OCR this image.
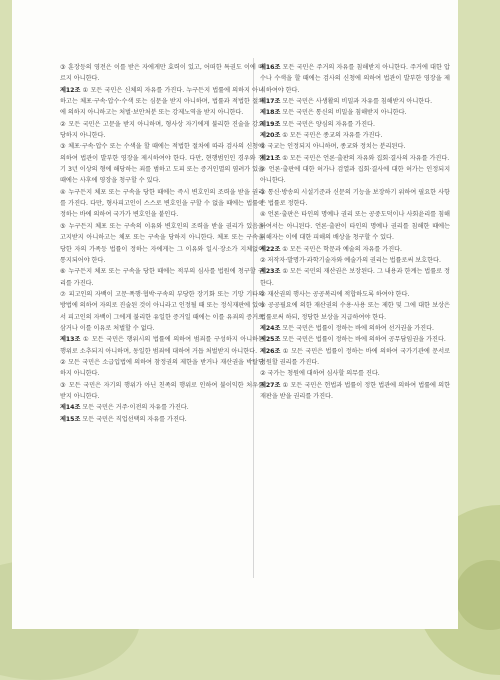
③ 훈장등의 영전은 이를 받은 자에게만 효력이 있고, 어떠한 특권도 이에 따르지 아니한다.

제12조 ① 모든 국민은 신체의 자유를 가진다. 누구든지 법률에 의하지 아니하고는 체포·구속·압수·수색 또는 심문을 받지 아니하며, 법률과 적법한 절차에 의하지 아니하고는 처벌·보안처분 또는 강제노역을 받지 아니한다.

② 모든 국민은 고문을 받지 아니하며, 형사상 자기에게 불리한 진술을 강요당하지 아니한다.

③ 체포·구속·압수 또는 수색을 할 때에는 적법한 절차에 따라 검사의 신청에 의하여 법관이 발부한 영장을 제시하여야 한다. 다만, 현행범인인 경우와 장기 3년 이상의 형에 해당하는 죄를 범하고 도피 또는 증거인멸의 염려가 있을 때에는 사후에 영장을 청구할 수 있다.

④ 누구든지 체포 또는 구속을 당한 때에는 즉시 변호인의 조력을 받을 권리를 가진다. 다만, 형사피고인이 스스로 변호인을 구할 수 없을 때에는 법률이 정하는 바에 의하여 국가가 변호인을 붙인다.

⑤ 누구든지 체포 또는 구속의 이유와 변호인의 조력을 받을 권리가 있음을 고지받지 아니하고는 체포 또는 구속을 당하지 아니한다. 체포 또는 구속을 당한 자의 가족등 법률이 정하는 자에게는 그 이유와 일시·장소가 지체없이 통지되어야 한다.

⑥ 누구든지 체포 또는 구속을 당한 때에는 적부의 심사를 법원에 청구할 권리를 가진다.

⑦ 피고인의 자백이 고문·폭행·협박·구속의 부당한 장기화 또는 기망 기타의 방법에 의하여 자의로 진술된 것이 아니라고 인정될 때 또는 정식재판에 있어서 피고인의 자백이 그에게 불리한 유일한 증거일 때에는 이를 유죄의 증거로 삼거나 이를 이유로 처벌할 수 없다.

제13조 ① 모든 국민은 행위시의 법률에 의하여 범죄를 구성하지 아니하는 행위로 소추되지 아니하며, 동일한 범죄에 대하여 거듭 처벌받지 아니한다.

② 모든 국민은 소급입법에 의하여 참정권의 제한을 받거나 재산권을 박탈당하지 아니한다.

③ 모든 국민은 자기의 행위가 아닌 친족의 행위로 인하여 불이익한 처우를 받지 아니한다.

제14조 모든 국민은 거주·이전의 자유를 가진다.

제15조 모든 국민은 직업선택의 자유를 가진다.

제16조 모든 국민은 주거의 자유를 침해받지 아니한다. 주거에 대한 압수나 수색을 할 때에는 검사의 신청에 의하여 법관이 발부한 영장을 제시하여야 한다.

제17조 모든 국민은 사생활의 비밀과 자유를 침해받지 아니한다.

제18조 모든 국민은 통신의 비밀을 침해받지 아니한다.

제19조 모든 국민은 양심의 자유를 가진다.

제20조 ① 모든 국민은 종교의 자유를 가진다.

② 국교는 인정되지 아니하며, 종교와 정치는 분리된다.

제21조 ① 모든 국민은 언론·출판의 자유와 집회·결사의 자유를 가진다.

② 언론·출판에 대한 허가나 검열과 집회·결사에 대한 허가는 인정되지 아니한다.

③ 통신·방송의 시설기준과 신문의 기능을 보장하기 위하여 필요한 사항은 법률로 정한다.

④ 언론·출판은 타인의 명예나 권리 또는 공중도덕이나 사회윤리를 침해하여서는 아니된다. 언론·출판이 타인의 명예나 권리를 침해한 때에는 피해자는 이에 대한 피해의 배상을 청구할 수 있다.

제22조 ① 모든 국민은 학문과 예술의 자유를 가진다.

② 저작자·발명가·과학기술자와 예술가의 권리는 법률로써 보호한다.

제23조 ① 모든 국민의 재산권은 보장된다. 그 내용과 한계는 법률로 정한다.

② 재산권의 행사는 공공복리에 적합하도록 하여야 한다.

③ 공공필요에 의한 재산권의 수용·사용 또는 제한 및 그에 대한 보상은 법률로써 하되, 정당한 보상을 지급하여야 한다.

제24조 모든 국민은 법률이 정하는 바에 의하여 선거권을 가진다.

제25조 모든 국민은 법률이 정하는 바에 의하여 공무담임권을 가진다.

제26조 ① 모든 국민은 법률이 정하는 바에 의하여 국가기관에 문서로 청원할 권리를 가진다.

② 국가는 청원에 대하여 심사할 의무를 진다.

제27조 ① 모든 국민은 헌법과 법률이 정한 법관에 의하여 법률에 의한 재판을 받을 권리를 가진다.
